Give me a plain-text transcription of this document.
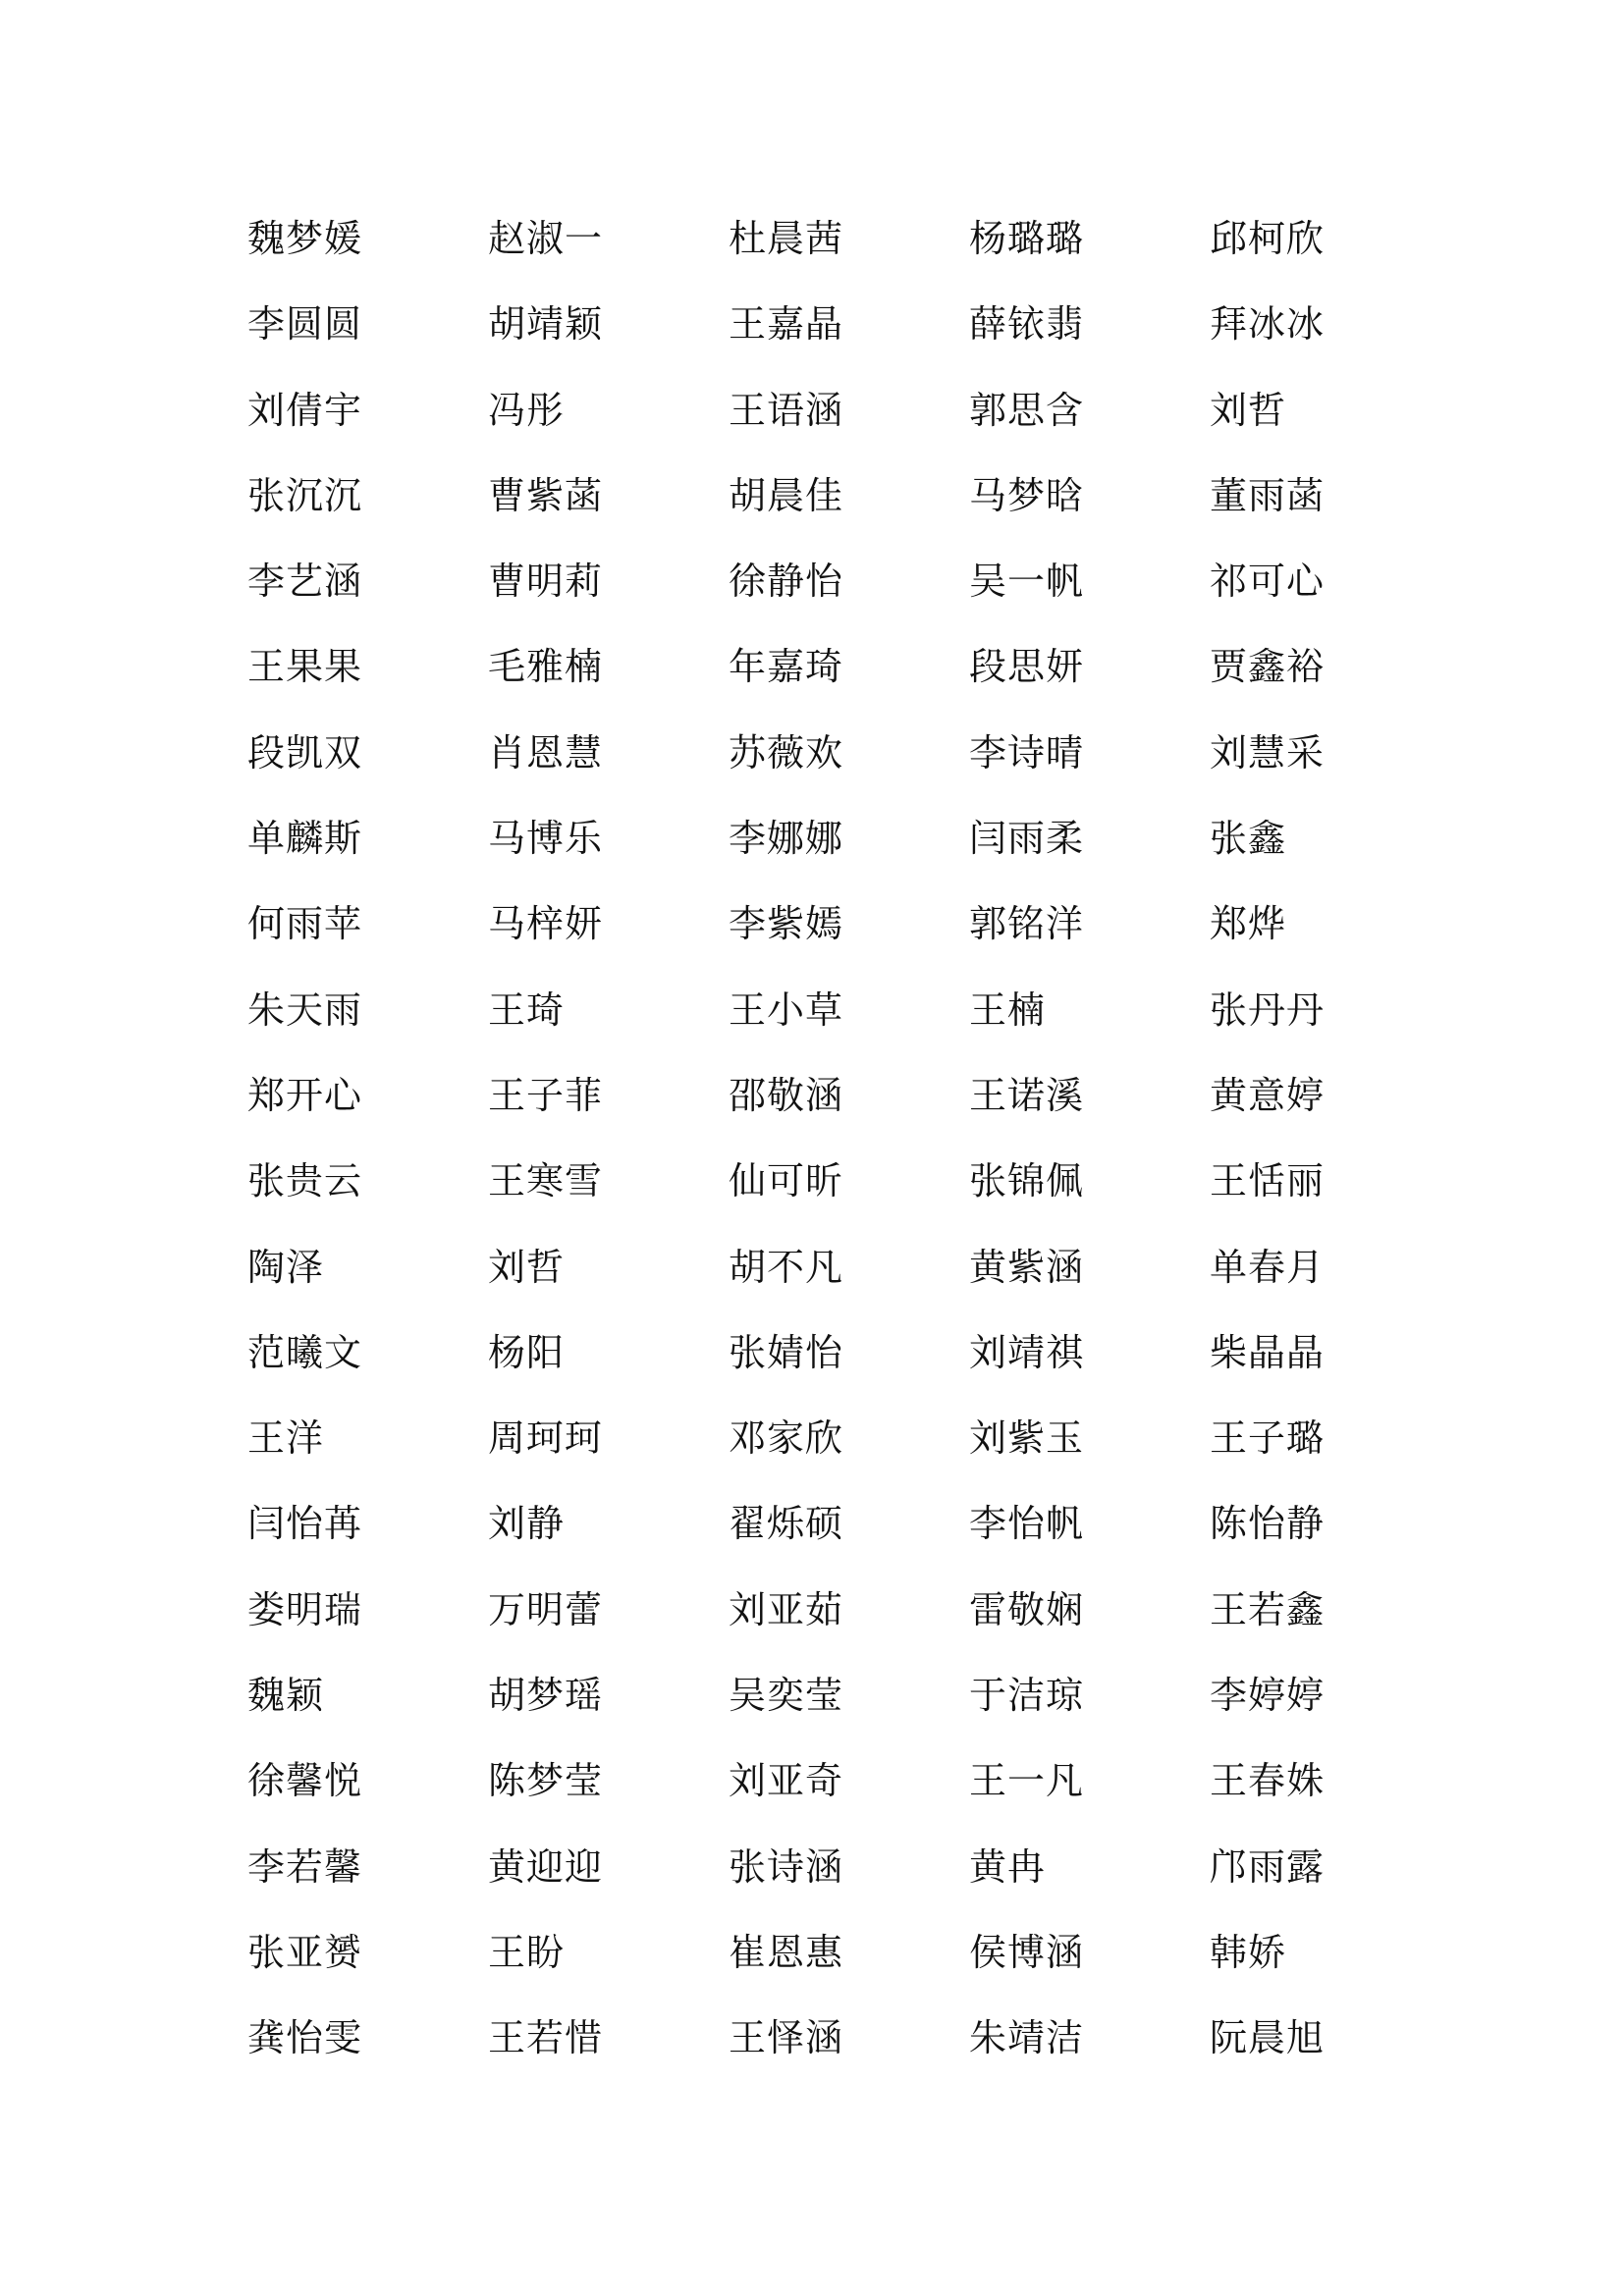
魏梦媛	赵淑一	杜晨茜	杨璐璐	邱柯欣
李圆圆	胡靖颖	王嘉晶	薛铱翡	拜冰冰
刘倩宇	冯彤	王语涵	郭思含	刘哲
张沉沉	曹紫菡	胡晨佳	马梦晗	董雨菡
李艺涵	曹明莉	徐静怡	吴一帆	祁可心
王果果	毛雅楠	年嘉琦	段思妍	贾鑫裕
段凯双	肖恩慧	苏薇欢	李诗晴	刘慧采
单麟斯	马博乐	李娜娜	闫雨柔	张鑫
何雨苹	马梓妍	李紫嫣	郭铭洋	郑烨
朱天雨	王琦	王小草	王楠	张丹丹
郑开心	王子菲	邵敬涵	王诺溪	黄意婷
张贵云	王寒雪	仙可昕	张锦佩	王恬丽
陶泽	刘哲	胡不凡	黄紫涵	单春月
范曦文	杨阳	张婧怡	刘靖祺	柴晶晶
王洋	周珂珂	邓家欣	刘紫玉	王子璐
闫怡苒	刘静	翟烁硕	李怡帆	陈怡静
娄明瑞	万明蕾	刘亚茹	雷敬娴	王若鑫
魏颖	胡梦瑶	吴奕莹	于洁琼	李婷婷
徐馨悦	陈梦莹	刘亚奇	王一凡	王春姝
李若馨	黄迎迎	张诗涵	黄冉	邝雨露
张亚赟	王盼	崔恩惠	侯博涵	韩娇
龚怡雯	王若惜	王怿涵	朱靖洁	阮晨旭
